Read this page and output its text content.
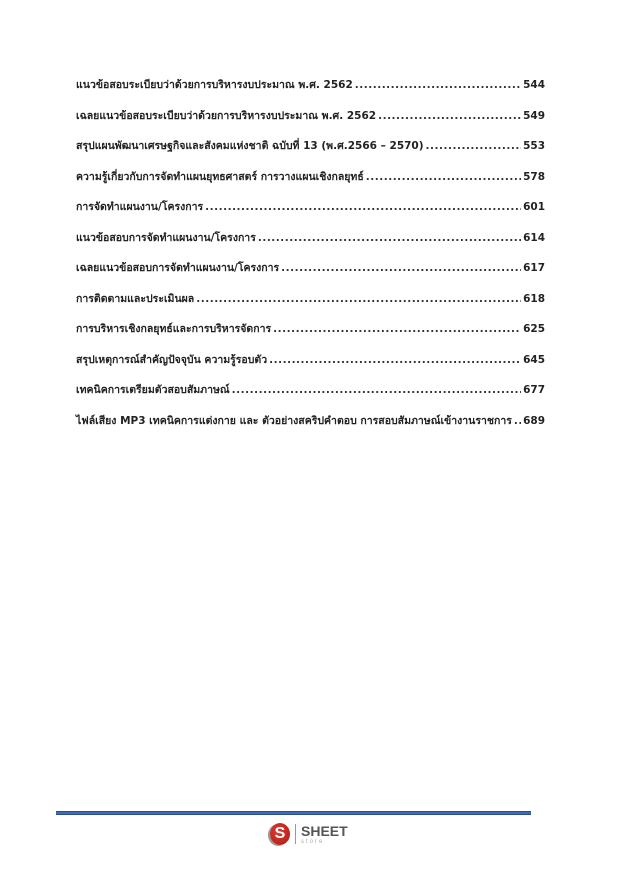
แนวข้อสอบระเบียบว่าด้วยการบริหารงบประมาณ พ.ศ. 2562 .....	544
เฉลยแนวข้อสอบระเบียบว่าด้วยการบริหารงบประมาณ พ.ศ. 2562 .....	549
สรุปแผนพัฒนาเศรษฐกิจและสังคมแห่งชาติ ฉบับที่ 13 (พ.ศ.2566 – 2570) .....	553
ความรู้เกี่ยวกับการจัดทำแผนยุทธศาสตร์ การวางแผนเชิงกลยุทธ์ .....	578
การจัดทำแผนงาน/โครงการ .....	601
แนวข้อสอบการจัดทำแผนงาน/โครงการ .....	614
เฉลยแนวข้อสอบการจัดทำแผนงาน/โครงการ .....	617
การติดตามและประเมินผล .....	618
การบริหารเชิงกลยุทธ์และการบริหารจัดการ .....	625
สรุปเหตุการณ์สำคัญปัจจุบัน ความรู้รอบตัว .....	645
เทคนิคการเตรียมตัวสอบสัมภาษณ์ .....	677
ไฟล์เสียง MP3 เทคนิคการแต่งกาย และ ตัวอย่างสคริปคำตอบ การสอบสัมภาษณ์เข้างานราชการ ..... 689
S	SHEET
store
